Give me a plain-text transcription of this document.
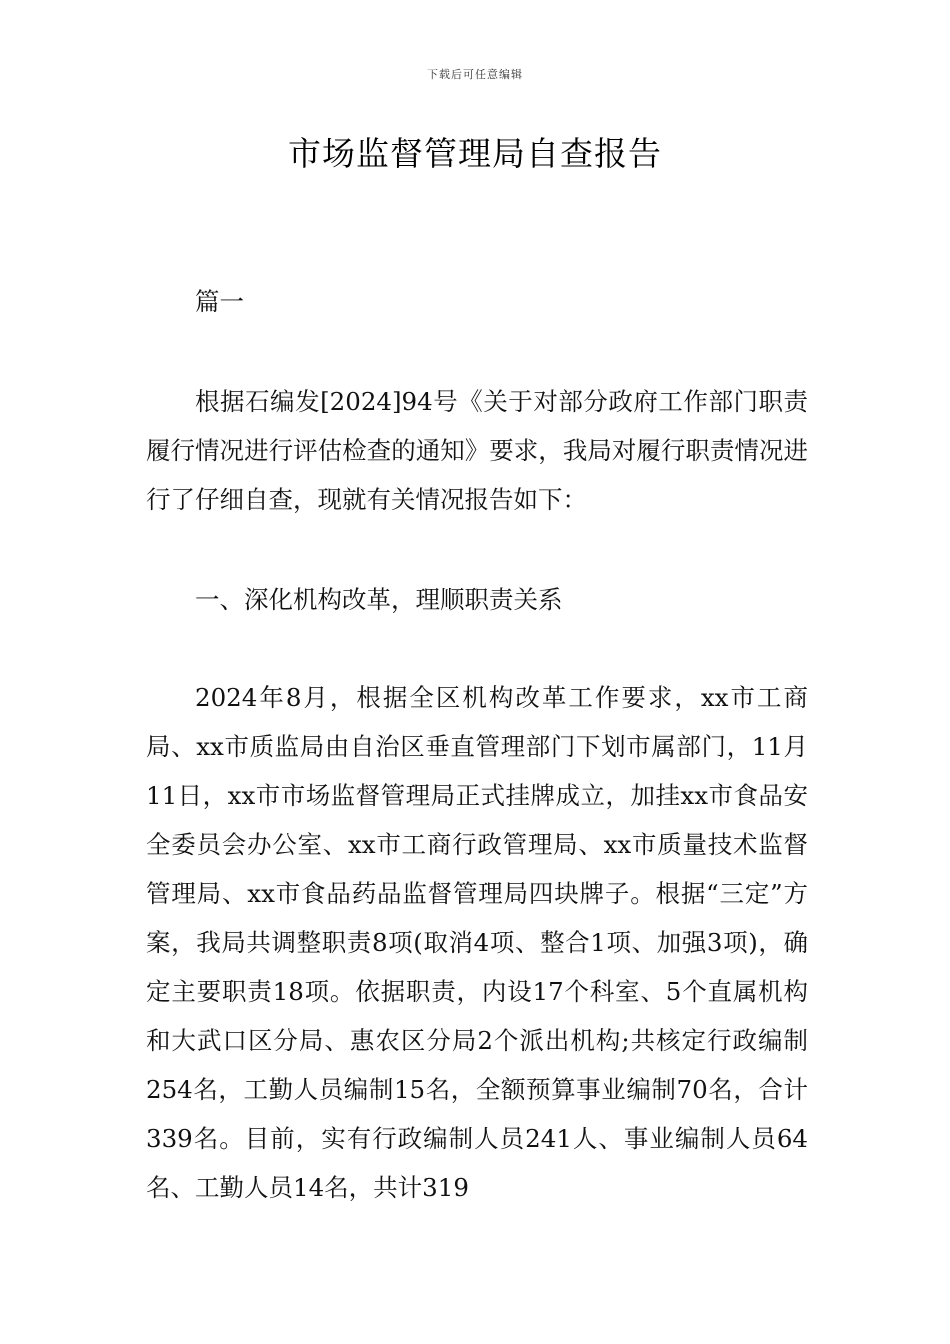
下载后可任意编辑
市场监督管理局自查报告

篇一

根据石编发[2024]94号《关于对部分政府工作部门职责履行情况进行评估检查的通知》要求，我局对履行职责情况进行了仔细自查，现就有关情况报告如下：

一、深化机构改革，理顺职责关系

2024年8月，根据全区机构改革工作要求，xx市工商局、xx市质监局由自治区垂直管理部门下划市属部门，11月11日，xx市市场监督管理局正式挂牌成立，加挂xx市食品安全委员会办公室、xx市工商行政管理局、xx市质量技术监督管理局、xx市食品药品监督管理局四块牌子。根据“三定”方案，我局共调整职责8项(取消4项、整合1项、加强3项)，确定主要职责18项。依据职责，内设17个科室、5个直属机构和大武口区分局、惠农区分局2个派出机构;共核定行政编制254名，工勤人员编制15名，全额预算事业编制70名，合计339名。目前，实有行政编制人员241人、事业编制人员64名、工勤人员14名，共计319
